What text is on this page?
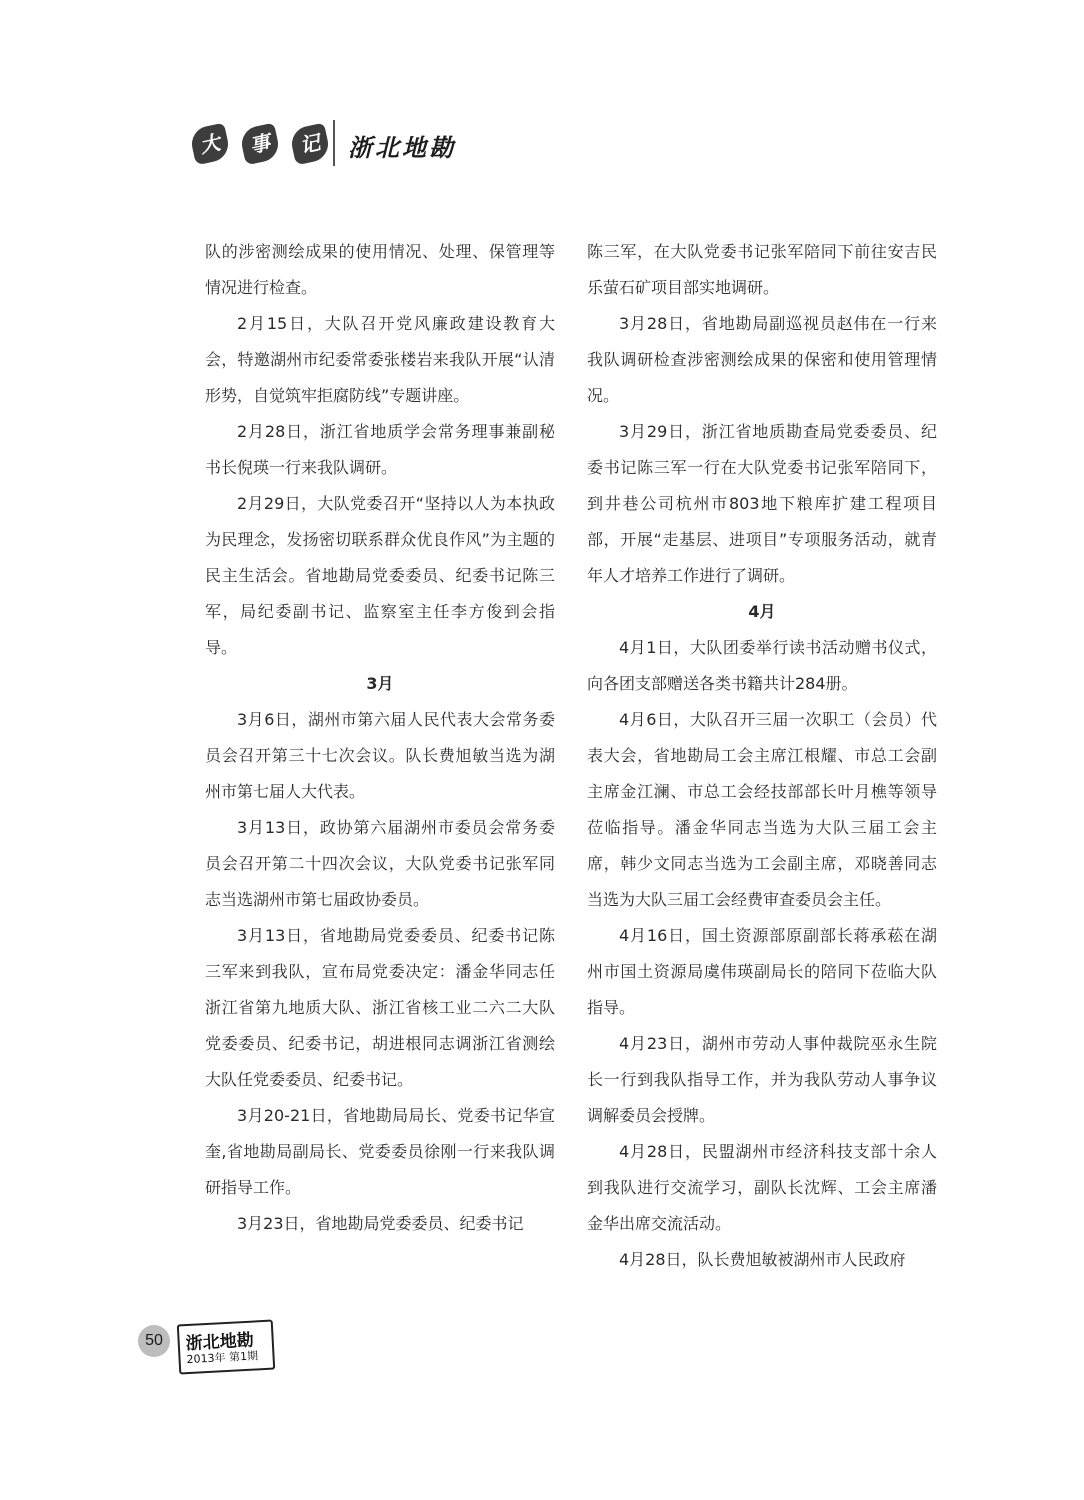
大	事	记	浙北地勘

队的涉密测绘成果的使用情况、处理、保管理等情况进行检查。

2月15日，大队召开党风廉政建设教育大会，特邀湖州市纪委常委张楼岩来我队开展“认清形势，自觉筑牢拒腐防线”专题讲座。

2月28日，浙江省地质学会常务理事兼副秘书长倪瑛一行来我队调研。

2月29日，大队党委召开“坚持以人为本执政为民理念，发扬密切联系群众优良作风”为主题的民主生活会。省地勘局党委委员、纪委书记陈三军，局纪委副书记、监察室主任李方俊到会指导。

3月

3月6日，湖州市第六届人民代表大会常务委员会召开第三十七次会议。队长费旭敏当选为湖州市第七届人大代表。

3月13日，政协第六届湖州市委员会常务委员会召开第二十四次会议，大队党委书记张军同志当选湖州市第七届政协委员。

3月13日，省地勘局党委委员、纪委书记陈三军来到我队，宣布局党委决定：潘金华同志任浙江省第九地质大队、浙江省核工业二六二大队党委委员、纪委书记，胡进根同志调浙江省测绘大队任党委委员、纪委书记。

3月20-21日，省地勘局局长、党委书记华宣奎,省地勘局副局长、党委委员徐刚一行来我队调研指导工作。

3月23日，省地勘局党委委员、纪委书记

陈三军，在大队党委书记张军陪同下前往安吉民乐萤石矿项目部实地调研。

3月28日，省地勘局副巡视员赵伟在一行来我队调研检查涉密测绘成果的保密和使用管理情况。

3月29日，浙江省地质勘查局党委委员、纪委书记陈三军一行在大队党委书记张军陪同下，到井巷公司杭州市803地下粮库扩建工程项目部，开展“走基层、进项目”专项服务活动，就青年人才培养工作进行了调研。

4月

4月1日，大队团委举行读书活动赠书仪式，向各团支部赠送各类书籍共计284册。

4月6日，大队召开三届一次职工（会员）代表大会，省地勘局工会主席江根耀、市总工会副主席金江澜、市总工会经技部部长叶月樵等领导莅临指导。潘金华同志当选为大队三届工会主席，韩少文同志当选为工会副主席，邓晓善同志当选为大队三届工会经费审查委员会主任。

4月16日，国土资源部原副部长蒋承菘在湖州市国土资源局虞伟瑛副局长的陪同下莅临大队指导。

4月23日，湖州市劳动人事仲裁院巫永生院长一行到我队指导工作，并为我队劳动人事争议调解委员会授牌。

4月28日，民盟湖州市经济科技支部十余人到我队进行交流学习，副队长沈辉、工会主席潘金华出席交流活动。

4月28日，队长费旭敏被湖州市人民政府

50	浙北地勘
2013年 第1期
